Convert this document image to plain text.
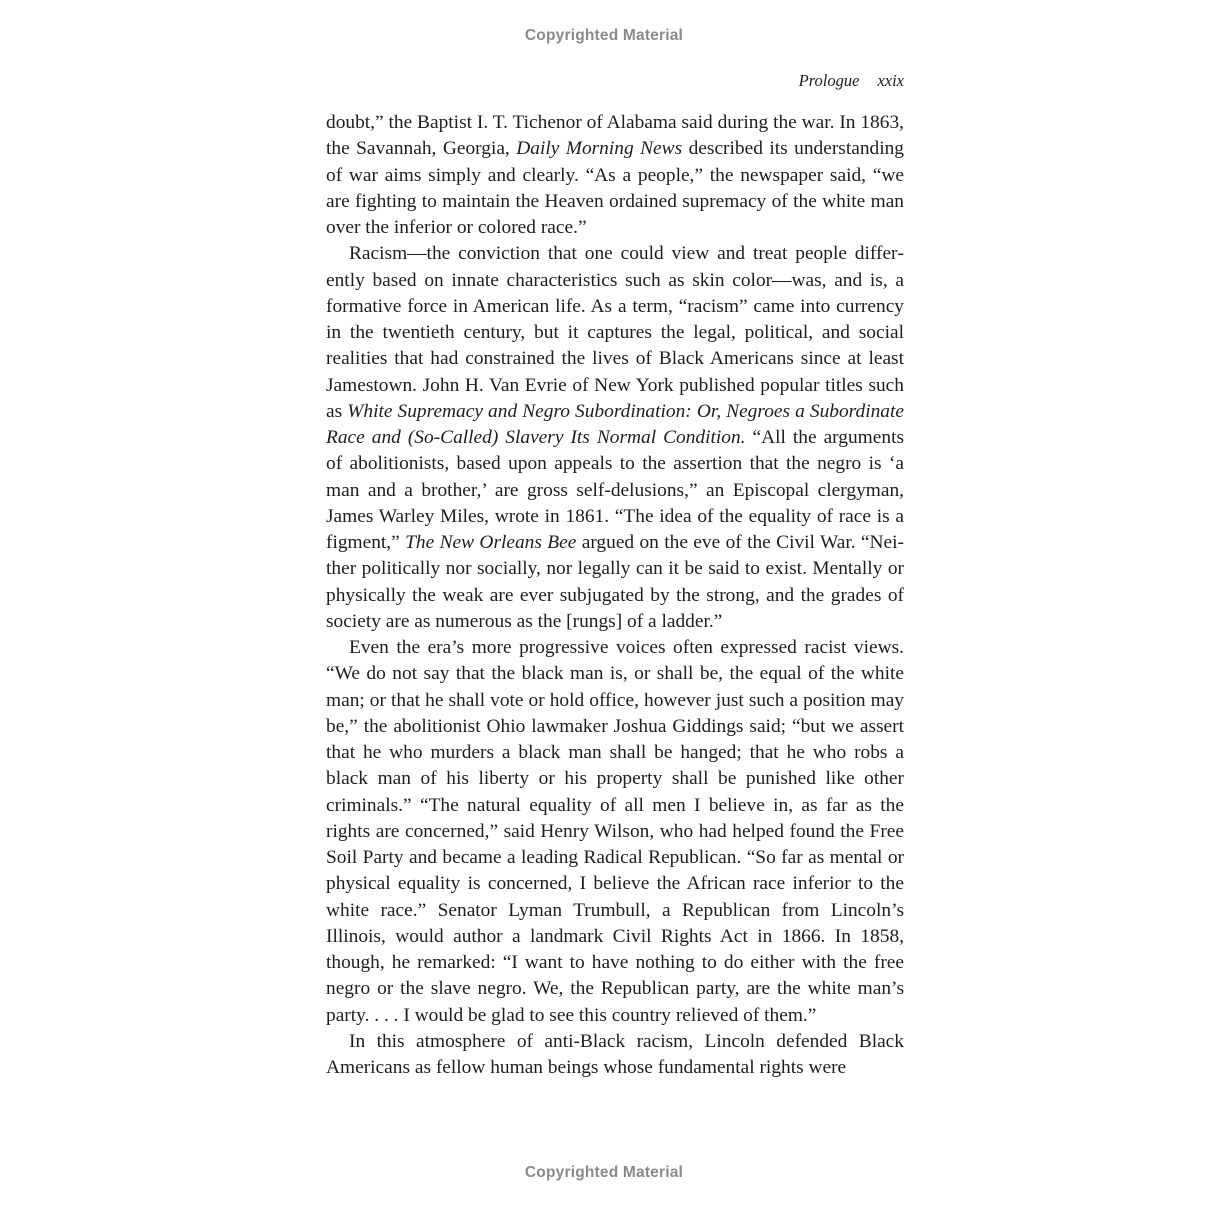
Copyrighted Material
Prologue xxix

doubt,” the Baptist I. T. Tichenor of Alabama said during the war. In 1863, the Savannah, Georgia, Daily Morning News described its understanding of war aims simply and clearly. “As a people,” the newspaper said, “we are fighting to maintain the Heaven ordained supremacy of the white man over the inferior or colored race.”

Racism—the conviction that one could view and treat people differently based on innate characteristics such as skin color—was, and is, a formative force in American life. As a term, “racism” came into currency in the twentieth century, but it captures the legal, political, and social realities that had constrained the lives of Black Americans since at least Jamestown. John H. Van Evrie of New York published popular titles such as White Supremacy and Negro Subordination: Or, Negroes a Subordinate Race and (So-Called) Slavery Its Normal Condition. “All the arguments of abolitionists, based upon appeals to the assertion that the negro is ‘a man and a brother,’ are gross self-delusions,” an Episcopal clergyman, James Warley Miles, wrote in 1861. “The idea of the equality of race is a figment,” The New Orleans Bee argued on the eve of the Civil War. “Neither politically nor socially, nor legally can it be said to exist. Mentally or physically the weak are ever subjugated by the strong, and the grades of society are as numerous as the [rungs] of a ladder.”

Even the era’s more progressive voices often expressed racist views. “We do not say that the black man is, or shall be, the equal of the white man; or that he shall vote or hold office, however just such a position may be,” the abolitionist Ohio lawmaker Joshua Giddings said; “but we assert that he who murders a black man shall be hanged; that he who robs a black man of his liberty or his property shall be punished like other criminals.” “The natural equality of all men I believe in, as far as the rights are concerned,” said Henry Wilson, who had helped found the Free Soil Party and became a leading Radical Republican. “So far as mental or physical equality is concerned, I believe the African race inferior to the white race.” Senator Lyman Trumbull, a Republican from Lincoln’s Illinois, would author a landmark Civil Rights Act in 1866. In 1858, though, he remarked: “I want to have nothing to do either with the free negro or the slave negro. We, the Republican party, are the white man’s party. . . . I would be glad to see this country relieved of them.”

In this atmosphere of anti-Black racism, Lincoln defended Black Americans as fellow human beings whose fundamental rights were

Copyrighted Material
